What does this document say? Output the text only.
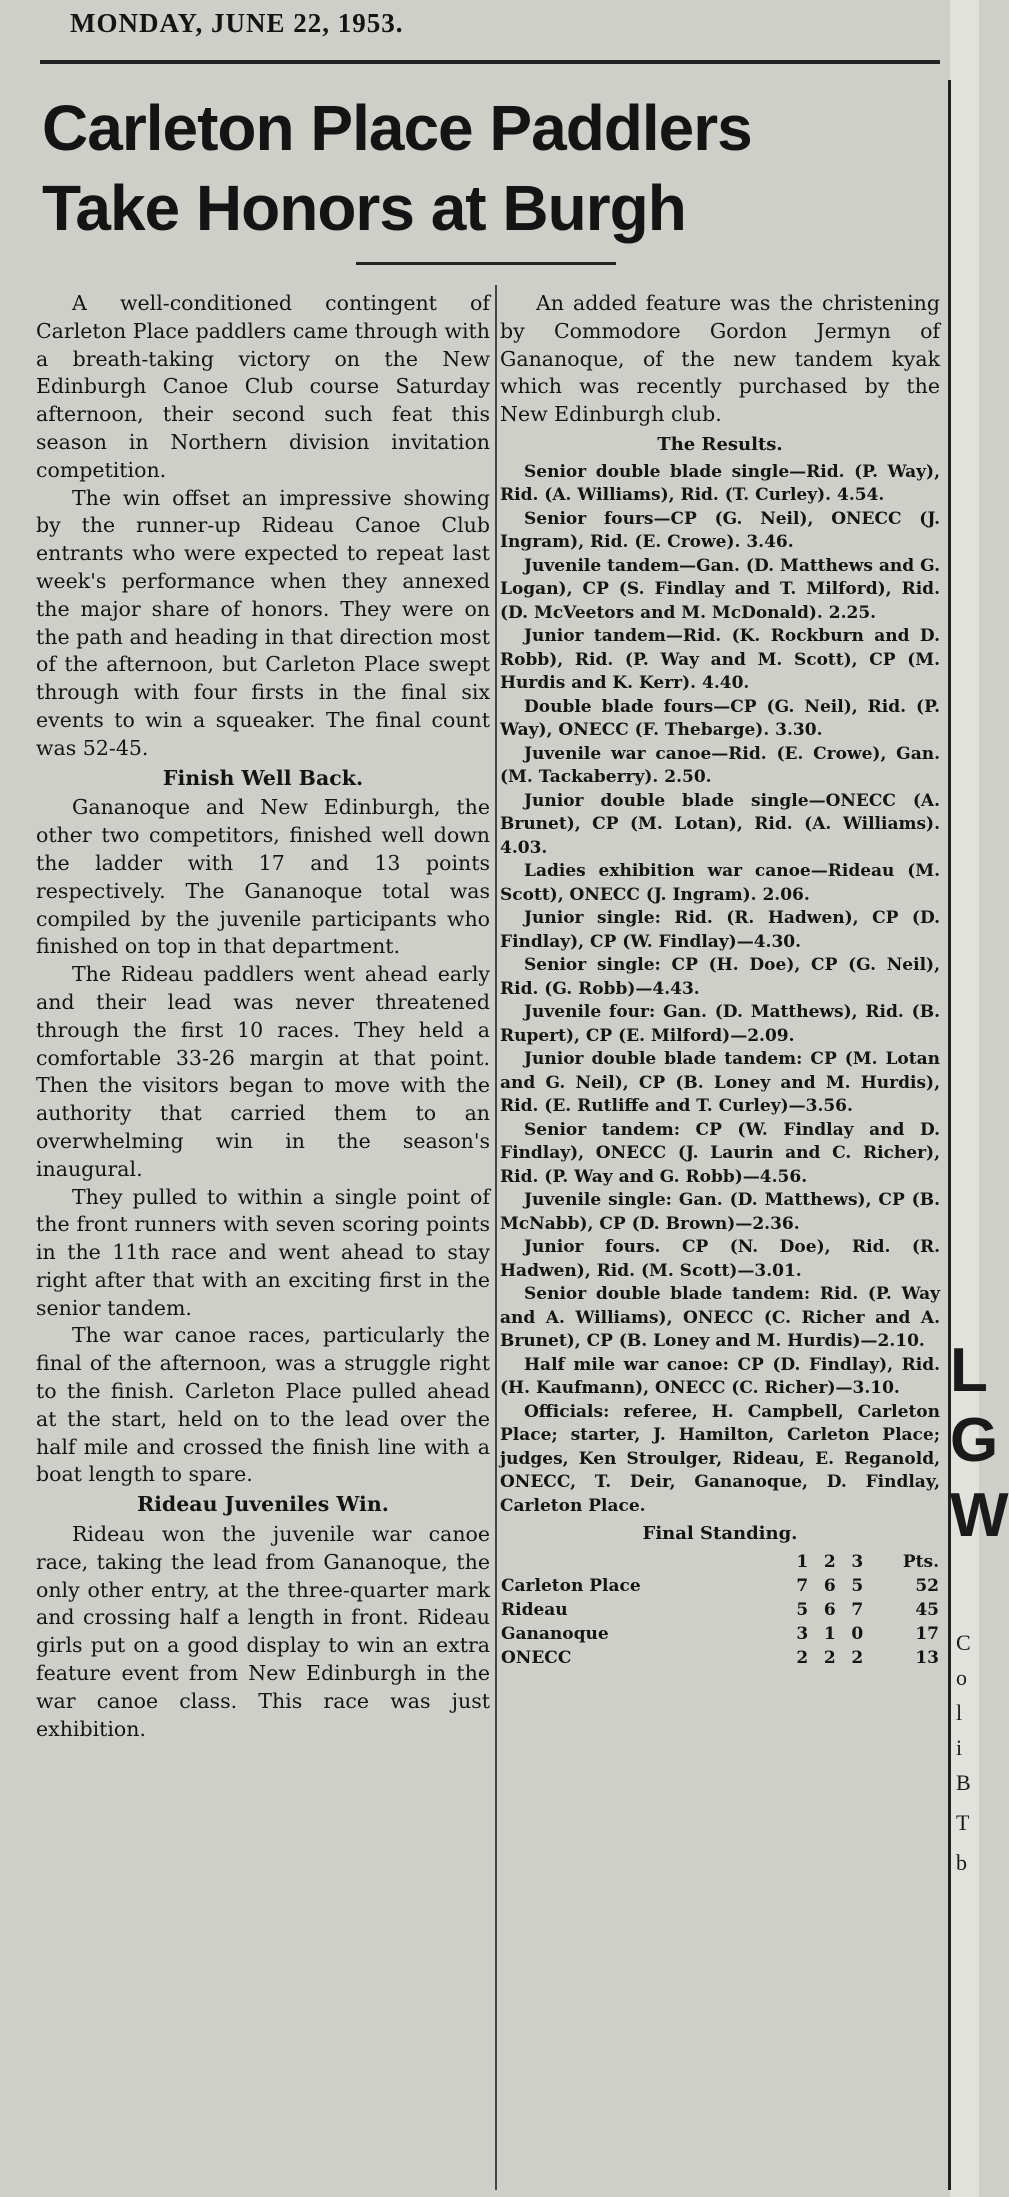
MONDAY, JUNE 22, 1953.
Carleton Place Paddlers
Take Honors at Burgh

A well-conditioned contingent of Carleton Place paddlers came through with a breath-taking victory on the New Edinburgh Canoe Club course Saturday afternoon, their second such feat this season in Northern division invitation competition.

The win offset an impressive showing by the runner-up Rideau Canoe Club entrants who were expected to repeat last week's performance when they annexed the major share of honors. They were on the path and heading in that direction most of the afternoon, but Carleton Place swept through with four firsts in the final six events to win a squeaker. The final count was 52-45.

Finish Well Back.

Gananoque and New Edinburgh, the other two competitors, finished well down the ladder with 17 and 13 points respectively. The Gananoque total was compiled by the juvenile participants who finished on top in that department.

The Rideau paddlers went ahead early and their lead was never threatened through the first 10 races. They held a comfortable 33-26 margin at that point. Then the visitors began to move with the authority that carried them to an overwhelming win in the season's inaugural.

They pulled to within a single point of the front runners with seven scoring points in the 11th race and went ahead to stay right after that with an exciting first in the senior tandem.

The war canoe races, particularly the final of the afternoon, was a struggle right to the finish. Carleton Place pulled ahead at the start, held on to the lead over the half mile and crossed the finish line with a boat length to spare.

Rideau Juveniles Win.

Rideau won the juvenile war canoe race, taking the lead from Gananoque, the only other entry, at the three-quarter mark and crossing half a length in front. Rideau girls put on a good display to win an extra feature event from New Edinburgh in the war canoe class. This race was just exhibition.

An added feature was the christening by Commodore Gordon Jermyn of Gananoque, of the new tandem kyak which was recently purchased by the New Edinburgh club.

The Results.

Senior double blade single—Rid. (P. Way), Rid. (A. Williams), Rid. (T. Curley). 4.54.

Senior fours—CP (G. Neil), ONECC (J. Ingram), Rid. (E. Crowe). 3.46.

Juvenile tandem—Gan. (D. Matthews and G. Logan), CP (S. Findlay and T. Milford), Rid. (D. McVeetors and M. McDonald). 2.25.

Junior tandem—Rid. (K. Rockburn and D. Robb), Rid. (P. Way and M. Scott), CP (M. Hurdis and K. Kerr). 4.40.

Double blade fours—CP (G. Neil), Rid. (P. Way), ONECC (F. Thebarge). 3.30.

Juvenile war canoe—Rid. (E. Crowe), Gan. (M. Tackaberry). 2.50.

Junior double blade single—ONECC (A. Brunet), CP (M. Lotan), Rid. (A. Williams). 4.03.

Ladies exhibition war canoe—Rideau (M. Scott), ONECC (J. Ingram). 2.06.

Junior single: Rid. (R. Hadwen), CP (D. Findlay), CP (W. Findlay)—4.30.

Senior single: CP (H. Doe), CP (G. Neil), Rid. (G. Robb)—4.43.

Juvenile four: Gan. (D. Matthews), Rid. (B. Rupert), CP (E. Milford)—2.09.

Junior double blade tandem: CP (M. Lotan and G. Neil), CP (B. Loney and M. Hurdis), Rid. (E. Rutliffe and T. Curley)—3.56.

Senior tandem: CP (W. Findlay and D. Findlay), ONECC (J. Laurin and C. Richer), Rid. (P. Way and G. Robb)—4.56.

Juvenile single: Gan. (D. Matthews), CP (B. McNabb), CP (D. Brown)—2.36.

Junior fours. CP (N. Doe), Rid. (R. Hadwen), Rid. (M. Scott)—3.01.

Senior double blade tandem: Rid. (P. Way and A. Williams), ONECC (C. Richer and A. Brunet), CP (B. Loney and M. Hurdis)—2.10.

Half mile war canoe: CP (D. Findlay), Rid. (H. Kaufmann), ONECC (C. Richer)—3.10.

Officials: referee, H. Campbell, Carleton Place; starter, J. Hamilton, Carleton Place; judges, Ken Stroulger, Rideau, E. Reganold, ONECC, T. Deir, Gananoque, D. Findlay, Carleton Place.

Final Standing.
	1	2	3	Pts.
Carleton Place	7	6	5	52
Rideau	5	6	7	45
Gananoque	3	1	0	17
ONECC	2	2	2	13
L
G
W
C
o
l
i
B
T
b
